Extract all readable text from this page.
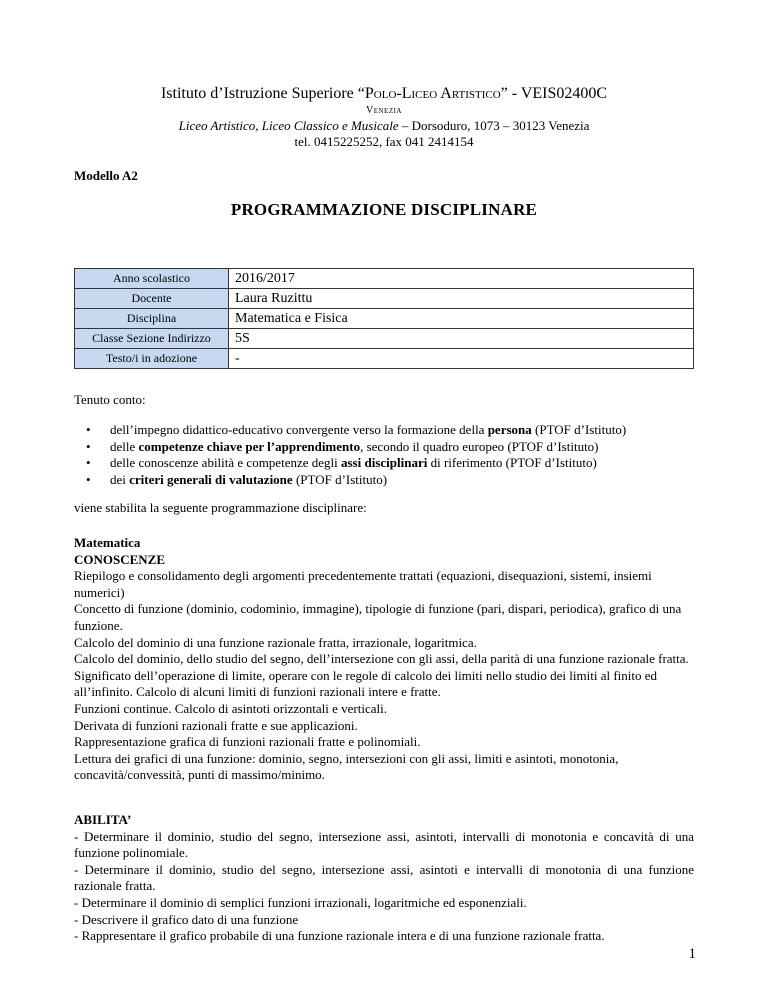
Istituto d’Istruzione Superiore “Polo-Liceo Artistico” - VEIS02400C
Venezia
Liceo Artistico, Liceo Classico e Musicale – Dorsoduro, 1073 – 30123 Venezia
tel. 0415225252, fax 041 2414154
Modello A2
PROGRAMMAZIONE DISCIPLINARE
Anno scolastico	2016/2017
Docente	Laura Ruzittu
Disciplina	Matematica e Fisica
Classe Sezione Indirizzo	5S
Testo/i in adozione	-
Tenuto conto:
• dell’impegno didattico-educativo convergente verso la formazione della persona (PTOF d’Istituto)
• delle competenze chiave per l’apprendimento, secondo il quadro europeo (PTOF d’Istituto)
• delle conoscenze abilità e competenze degli assi disciplinari di riferimento (PTOF d’Istituto)
• dei criteri generali di valutazione (PTOF d’Istituto)
viene stabilita la seguente programmazione disciplinare:
Matematica
CONOSCENZE
Riepilogo e consolidamento degli argomenti precedentemente trattati (equazioni, disequazioni, sistemi, insiemi numerici)
Concetto di funzione (dominio, codominio, immagine), tipologie di funzione (pari, dispari, periodica), grafico di una funzione.
Calcolo del dominio di una funzione razionale fratta, irrazionale, logaritmica.
Calcolo del dominio, dello studio del segno, dell’intersezione con gli assi, della parità di una funzione razionale fratta.
Significato dell’operazione di limite, operare con le regole di calcolo dei limiti nello studio dei limiti al finito ed all’infinito. Calcolo di alcuni limiti di funzioni razionali intere e fratte.
Funzioni continue. Calcolo di asintoti orizzontali e verticali.
Derivata di funzioni razionali fratte e sue applicazioni.
Rappresentazione grafica di funzioni razionali fratte e polinomiali.
Lettura dei grafici di una funzione: dominio, segno, intersezioni con gli assi, limiti e asintoti, monotonia, concavità/convessità, punti di massimo/minimo.
ABILITA’
- Determinare il dominio, studio del segno, intersezione assi, asintoti, intervalli di monotonia e concavità di una funzione polinomiale.
- Determinare il dominio, studio del segno, intersezione assi, asintoti e intervalli di monotonia di una funzione razionale fratta.
- Determinare il dominio di semplici funzioni irrazionali, logaritmiche ed esponenziali.
- Descrivere il grafico dato di una funzione
- Rappresentare il grafico probabile di una funzione razionale intera e di una funzione razionale fratta.
1
